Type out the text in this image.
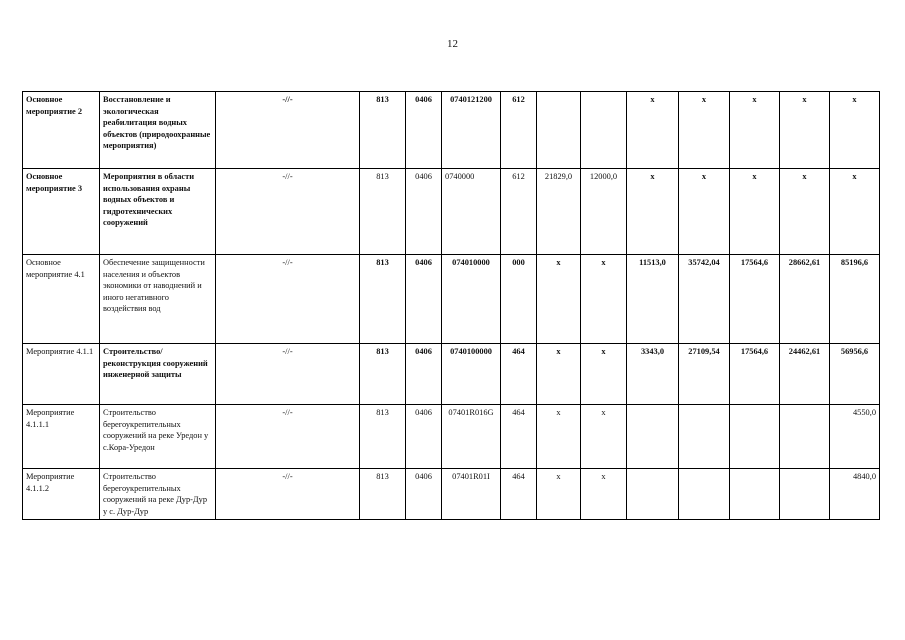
12
Основное мероприятие 2	Восстановление и экологическая реабилитация водных объектов (природоохранные мероприятия)	-//-	813	0406	0740121200	612			x	x	x	x	x
Основное мероприятие 3	Мероприятия в области использования охраны водных объектов и гидротехнических сооружений	-//-	813	0406	0740000	612	21829,0	12000,0	x	x	x	x	x
Основное мероприятие 4.1	Обеспечение защищенности населения и объектов экономики от наводнений и иного негативного воздействия вод	-//-	813	0406	074010000	000	x	x	11513,0	35742,04	17564,6	28662,61	85196,6
Мероприятие 4.1.1	Строительство/реконструкция сооружений инженерной защиты	-//-	813	0406	0740100000	464	x	x	3343,0	27109,54	17564,6	24462,61	56956,6
Мероприятие 4.1.1.1	Строительство берегоукрепительных сооружений на реке Уредон у с.Кора-Уредон	-//-	813	0406	07401R016G	464	x	x					4550,0
Мероприятие 4.1.1.2	Строительство берегоукрепительных сооружений на реке Дур-Дур у с. Дур-Дур	-//-	813	0406	07401R01I	464	x	x					4840,0
